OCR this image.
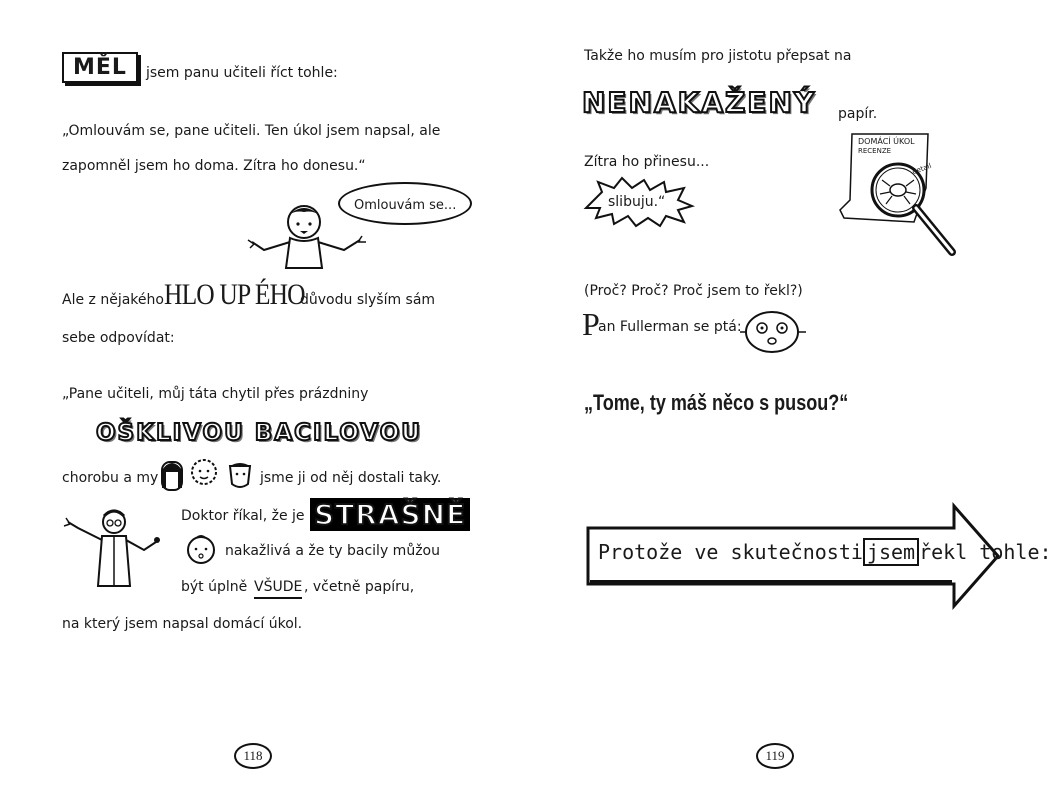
MĚL	jsem panu učiteli říct tohle:
„Omlouvám se, pane učiteli. Ten úkol jsem napsal, ale
zapomněl jsem ho doma. Zítra ho donesu.“
Omlouvám se...
Ale z nějakého HLO UP ÉHO
důvodu slyším sám
sebe odpovídat:
„Pane učiteli, můj táta chytil přes prázdniny
OŠKLIVOU BACILOVOU
chorobu a my	jsme ji od něj dostali taky.
Doktor říkal, že je STRAŠNĚ
nakažlivá a že ty bacily můžou
být úplně VŠUDE , včetně papíru,
na který jsem napsal domácí úkol.
118
Takže ho musím pro jistotu přepsat na
NENAKAŽENÝ papír.
Zítra ho přinesu...
slibuju.“
DOMÁCÍ ÚKOL
RECENZE
detail
(Proč? Proč? Proč jsem to řekl?)
P
an Fullerman se ptá:
„Tome, ty máš něco s pusou?“
Protože ve skutečnosti jsem řekl tohle:
119
